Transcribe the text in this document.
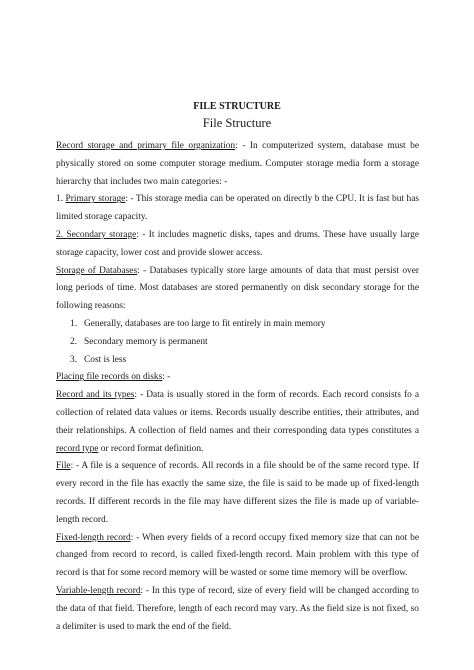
FILE STRUCTURE
File Structure

Record storage and primary file organization: - In computerized system, database must be physically stored on some computer storage medium. Computer storage media form a storage hierarchy that includes two main categories: -

1. Primary storage: - This storage media can be operated on directly b the CPU. It is fast but has limited storage capacity.

2. Secondary storage: - It includes magnetic disks, tapes and drums. These have usually large storage capacity, lower cost and provide slower access.

Storage of Databases: - Databases typically store large amounts of data that must persist over long periods of time. Most databases are stored permanently on disk secondary storage for the following reasons:

1. Generally, databases are too large to fit entirely in main memory
2. Secondary memory is permanent
3. Cost is less

Placing file records on disks: -

Record and its types: - Data is usually stored in the form of records. Each record consists fo a collection of related data values or items. Records usually describe entities, their attributes, and their relationships. A collection of field names and their corresponding data types constitutes a record type or record format definition.

File: - A file is a sequence of records. All records in a file should be of the same record type. If every record in the file has exactly the same size, the file is said to be made up of fixed-length records. If different records in the file may have different sizes the file is made up of variable-length record.

Fixed-length record: - When every fields of a record occupy fixed memory size that can not be changed from record to record, is called fixed-length record. Main problem with this type of record is that for some record memory will be wasted or some time memory will be overflow.

Variable-length record: - In this type of record, size of every field will be changed according to the data of that field. Therefore, length of each record may vary. As the field size is not fixed, so a delimiter is used to mark the end of the field.
